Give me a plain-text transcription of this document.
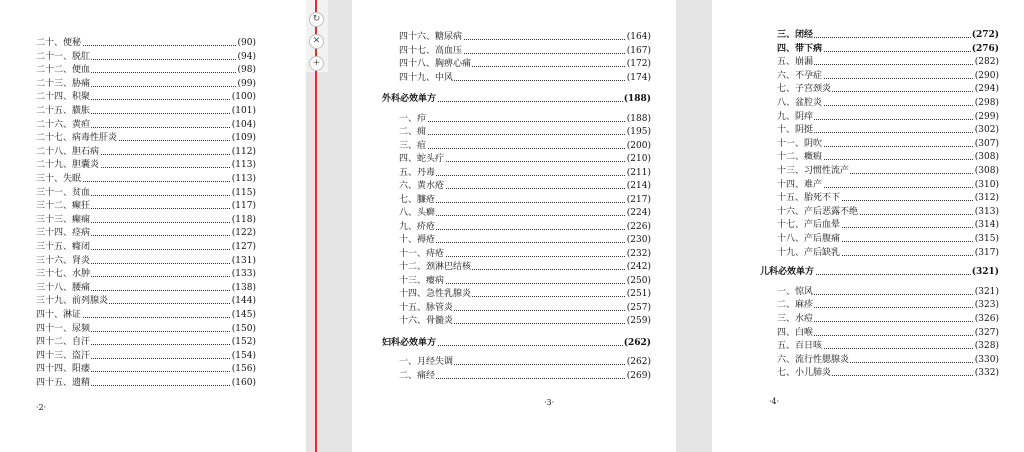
二十、便秘	(90)
二十一、脱肛	(94)
二十二、便血	(98)
二十三、胁痛	(99)
二十四、积聚	(100)
二十五、臌胀	(101)
二十六、黄疸	(104)
二十七、病毒性肝炎	(109)
二十八、胆石病	(112)
二十九、胆囊炎	(113)
三十、失眠	(113)
三十一、贫血	(115)
三十二、癫狂	(117)
三十三、癫痫	(118)
三十四、痉病	(122)
三十五、癃闭	(127)
三十六、肾炎	(131)
三十七、水肿	(133)
三十八、腰痛	(138)
三十九、前列腺炎	(144)
四十、淋证	(145)
四十一、尿频	(150)
四十二、自汗	(152)
四十三、盗汗	(154)
四十四、阳痿	(156)
四十五、遗精	(160)
·2·
四十六、糖尿病	(164)
四十七、高血压	(167)
四十八、胸痹心痛	(172)
四十九、中风	(174)
外科必效单方	(188)
一、疖	(188)
二、痈	(195)
三、疽	(200)
四、蛇头疔	(210)
五、丹毒	(211)
六、黄水疮	(214)
七、臁疮	(217)
八、头癣	(224)
九、疥疮	(226)
十、褥疮	(230)
十一、痔疮	(232)
十二、颈淋巴结核	(242)
十三、瘿病	(250)
十四、急性乳腺炎	(251)
十五、脉管炎	(257)
十六、骨髓炎	(259)
妇科必效单方	(262)
一、月经失调	(262)
二、痛经	(269)
·3·
三、闭经	(272)
四、带下病	(276)
五、崩漏	(282)
六、不孕症	(290)
七、子宫颈炎	(294)
八、盆腔炎	(298)
九、阴痒	(299)
十、阴挺	(302)
十一、阴吹	(307)
十二、癥瘕	(308)
十三、习惯性流产	(308)
十四、难产	(310)
十五、胎死不下	(312)
十六、产后恶露不绝	(313)
十七、产后血晕	(314)
十八、产后腹痛	(315)
十九、产后缺乳	(317)
儿科必效单方	(321)
一、惊风	(321)
二、麻疹	(323)
三、水痘	(326)
四、白喉	(327)
五、百日咳	(328)
六、流行性腮腺炎	(330)
七、小儿肺炎	(332)
·4·
↻
✕
+
